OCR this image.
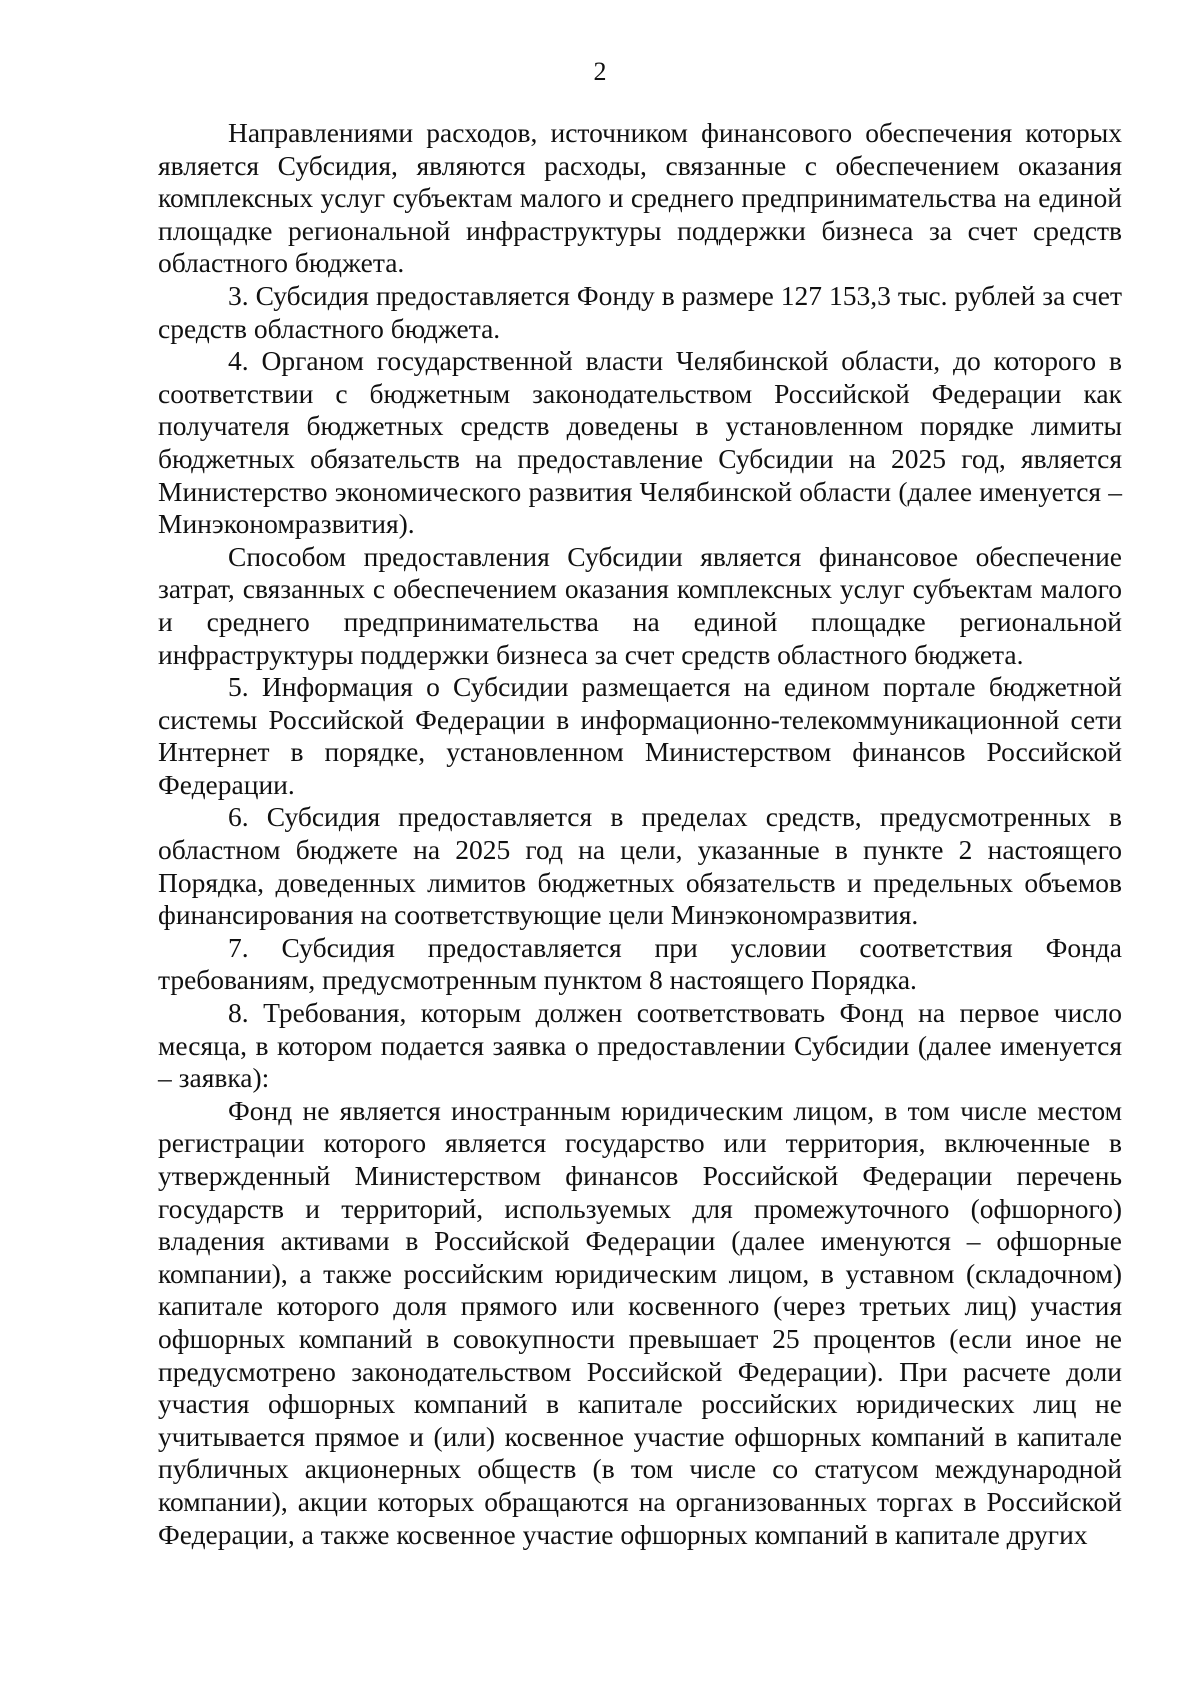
2

Направлениями расходов, источником финансового обеспечения которых является Субсидия, являются расходы, связанные с обеспечением оказания комплексных услуг субъектам малого и среднего предпринимательства на единой площадке региональной инфраструктуры поддержки бизнеса за счет средств областного бюджета.

3. Субсидия предоставляется Фонду в размере 127 153,3 тыс. рублей за счет средств областного бюджета.

4. Органом государственной власти Челябинской области, до которого в соответствии с бюджетным законодательством Российской Федерации как получателя бюджетных средств доведены в установленном порядке лимиты бюджетных обязательств на предоставление Субсидии на 2025 год, является Министерство экономического развития Челябинской области (далее именуется – Минэкономразвития).

Способом предоставления Субсидии является финансовое обеспечение затрат, связанных с обеспечением оказания комплексных услуг субъектам малого и среднего предпринимательства на единой площадке региональной инфраструктуры поддержки бизнеса за счет средств областного бюджета.

5. Информация о Субсидии размещается на едином портале бюджетной системы Российской Федерации в информационно-телекоммуникационной сети Интернет в порядке, установленном Министерством финансов Российской Федерации.

6. Субсидия предоставляется в пределах средств, предусмотренных в областном бюджете на 2025 год на цели, указанные в пункте 2 настоящего Порядка, доведенных лимитов бюджетных обязательств и предельных объемов финансирования на соответствующие цели Минэкономразвития.

7. Субсидия предоставляется при условии соответствия Фонда требованиям, предусмотренным пунктом 8 настоящего Порядка.

8. Требования, которым должен соответствовать Фонд на первое число месяца, в котором подается заявка о предоставлении Субсидии (далее именуется – заявка):

Фонд не является иностранным юридическим лицом, в том числе местом регистрации которого является государство или территория, включенные в утвержденный Министерством финансов Российской Федерации перечень государств и территорий, используемых для промежуточного (офшорного) владения активами в Российской Федерации (далее именуются – офшорные компании), а также российским юридическим лицом, в уставном (складочном) капитале которого доля прямого или косвенного (через третьих лиц) участия офшорных компаний в совокупности превышает 25 процентов (если иное не предусмотрено законодательством Российской Федерации). При расчете доли участия офшорных компаний в капитале российских юридических лиц не учитывается прямое и (или) косвенное участие офшорных компаний в капитале публичных акционерных обществ (в том числе со статусом международной компании), акции которых обращаются на организованных торгах в Российской Федерации, а также косвенное участие офшорных компаний в капитале других
